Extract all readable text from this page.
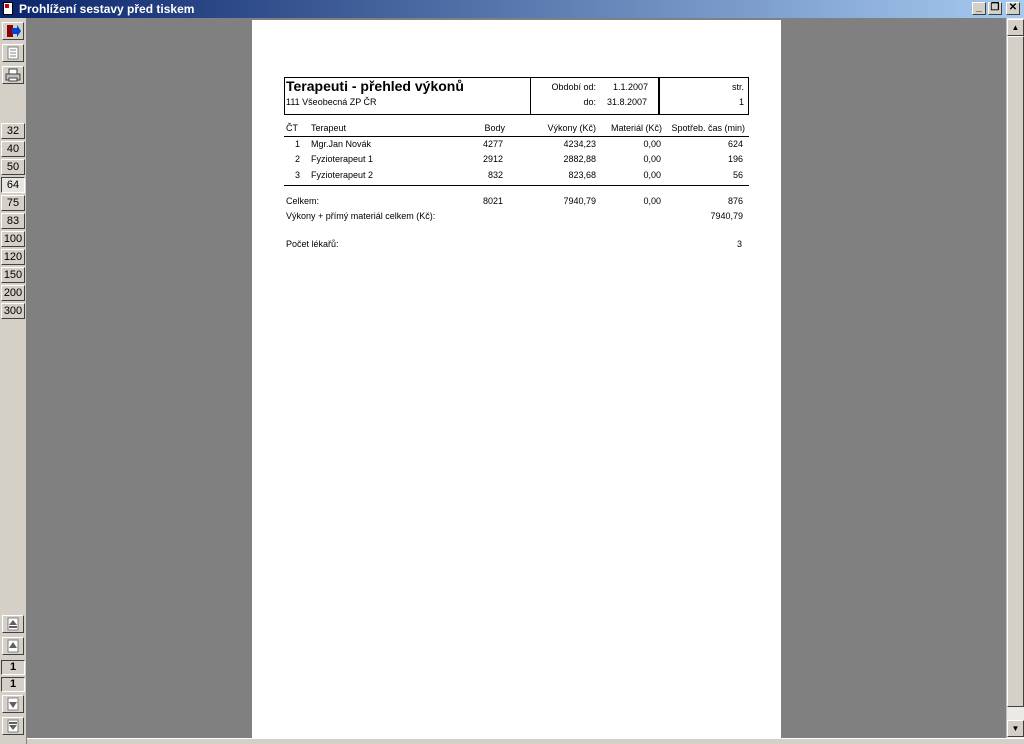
Prohlížení sestavy před tiskem	_ ❐ ✕
32
40
50
64
75
83
100
120
150
200
300
1
1
Terapeuti - přehled výkonů
111 Všeobecná ZP ČR
Období od: 1.1.2007
do: 31.8.2007
str.
1
ČT Terapeut	Body	Výkony (Kč)	Materiál (Kč)	Spotřeb. čas (min)
1 Mgr.Jan Novák	4277	4234,23	0,00	624
2 Fyzioterapeut 1	2912	2882,88	0,00	196
3 Fyzioterapeut 2	832	823,68	0,00	56
Celkem:	8021	7940,79	0,00	876
Výkony + přímý materiál celkem (Kč):	7940,79
Počet lékařů:	3
▲
▼
